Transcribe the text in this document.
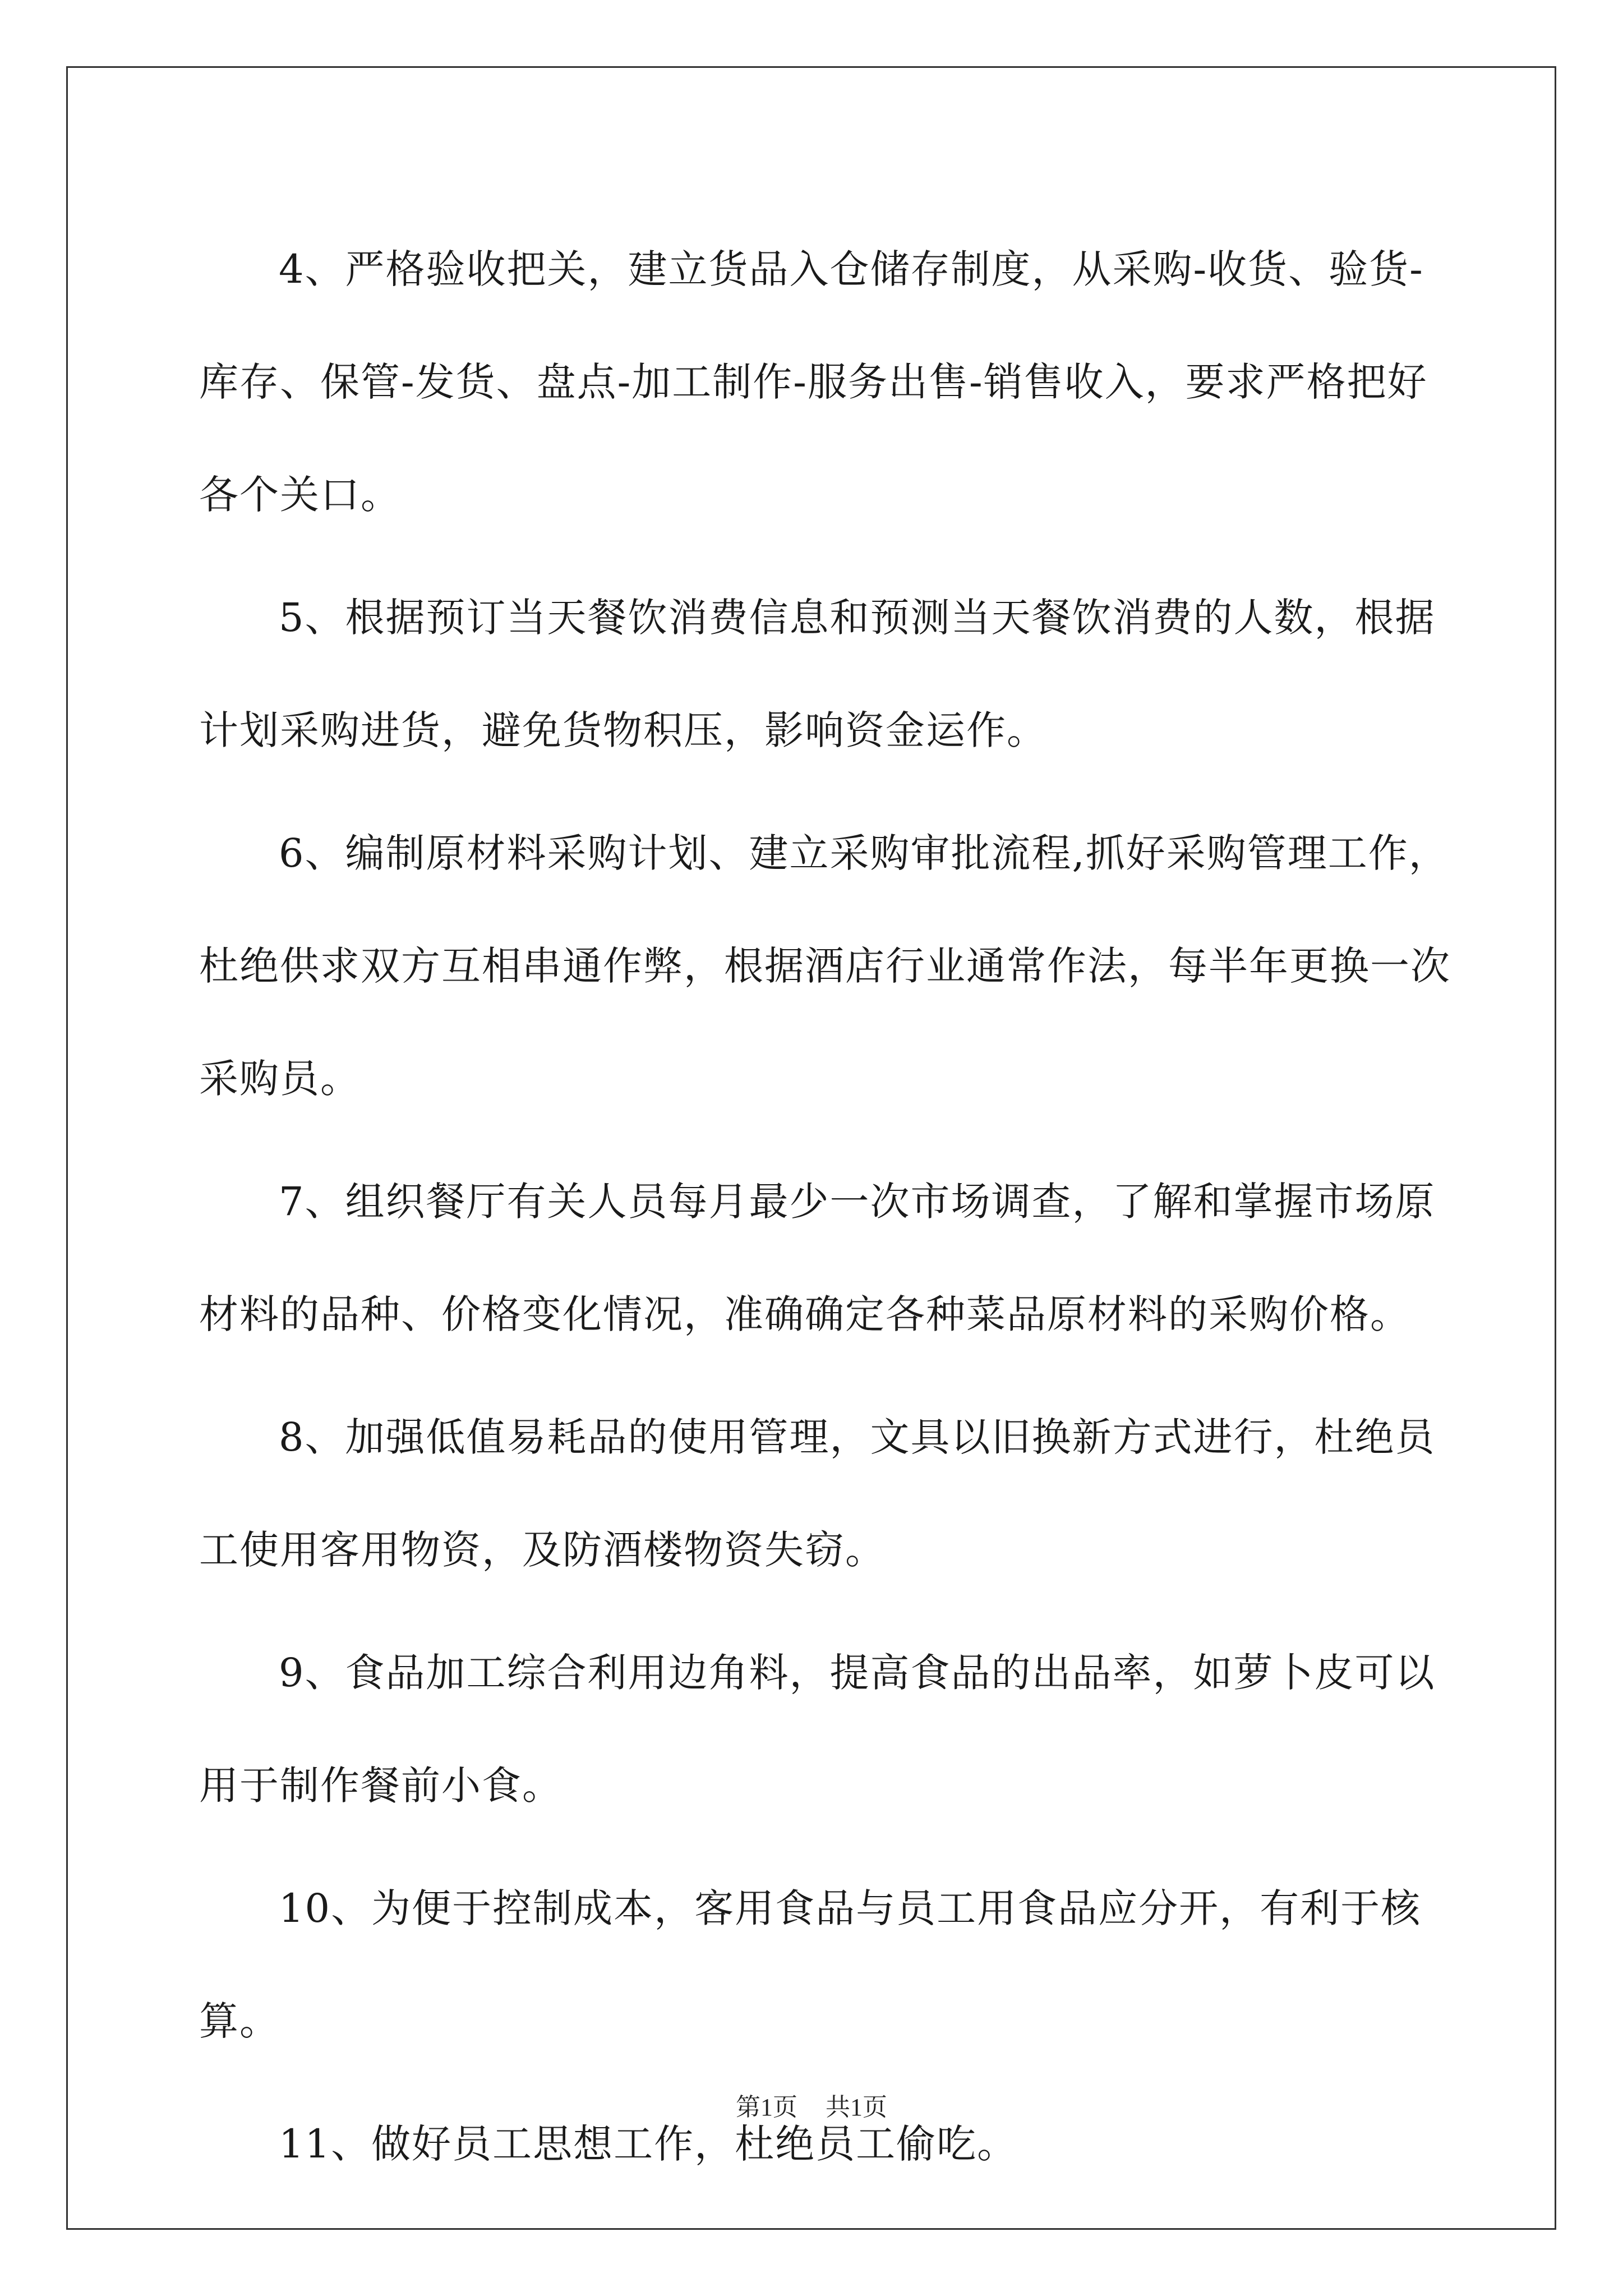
4、严格验收把关，建立货品入仓储存制度，从采购-收货、验货-库存、保管-发货、盘点-加工制作-服务出售-销售收入，要求严格把好各个关口。

5、根据预订当天餐饮消费信息和预测当天餐饮消费的人数，根据计划采购进货，避免货物积压，影响资金运作。

6、编制原材料采购计划、建立采购审批流程,抓好采购管理工作，杜绝供求双方互相串通作弊，根据酒店行业通常作法，每半年更换一次采购员。

7、组织餐厅有关人员每月最少一次市场调查，了解和掌握市场原材料的品种、价格变化情况，准确确定各种菜品原材料的采购价格。

8、加强低值易耗品的使用管理，文具以旧换新方式进行，杜绝员工使用客用物资，及防酒楼物资失窃。

9、食品加工综合利用边角料，提高食品的出品率，如萝卜皮可以用于制作餐前小食。

10、为便于控制成本，客用食品与员工用食品应分开，有利于核算。

11、做好员工思想工作，杜绝员工偷吃。

第1页 共1页
